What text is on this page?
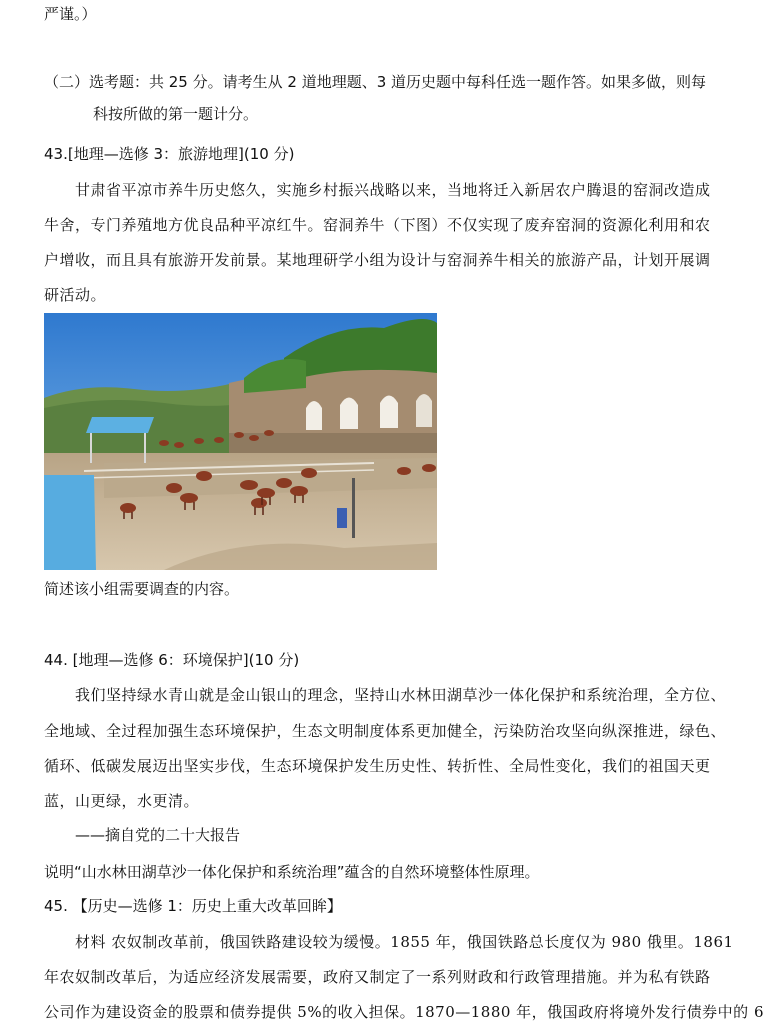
严谨。）
（二）选考题：共 25 分。请考生从 2 道地理题、3 道历史题中每科任选一题作答。如果多做，则每
科按所做的第一题计分。
43.[地理—选修 3：旅游地理](10 分)
甘肃省平凉市养牛历史悠久，实施乡村振兴战略以来，当地将迁入新居农户腾退的窑洞改造成
牛舍，专门养殖地方优良品种平凉红牛。窑洞养牛（下图）不仅实现了废弃窑洞的资源化利用和农
户增收，而且具有旅游开发前景。某地理研学小组为设计与窑洞养牛相关的旅游产品，计划开展调
研活动。
简述该小组需要调查的内容。
44. [地理—选修 6：环境保护](10 分)
我们坚持绿水青山就是金山银山的理念，坚持山水林田湖草沙一体化保护和系统治理，全方位、
全地域、全过程加强生态环境保护，生态文明制度体系更加健全，污染防治攻坚向纵深推进，绿色、
循环、低碳发展迈出坚实步伐，生态环境保护发生历史性、转折性、全局性变化，我们的祖国天更
蓝，山更绿，水更清。
——摘自党的二十大报告
说明“山水林田湖草沙一体化保护和系统治理”蕴含的自然环境整体性原理。
45. 【历史—选修 1：历史上重大改革回眸】
材料 农奴制改革前，俄国铁路建设较为缓慢。1855 年，俄国铁路总长度仅为 980 俄里。1861
年农奴制改革后，为适应经济发展需要，政府又制定了一系列财政和行政管理措施。并为私有铁路
公司作为建设资金的股票和债券提供 5%的收入担保。1870—1880 年，俄国政府将境外发行债券中的 6
